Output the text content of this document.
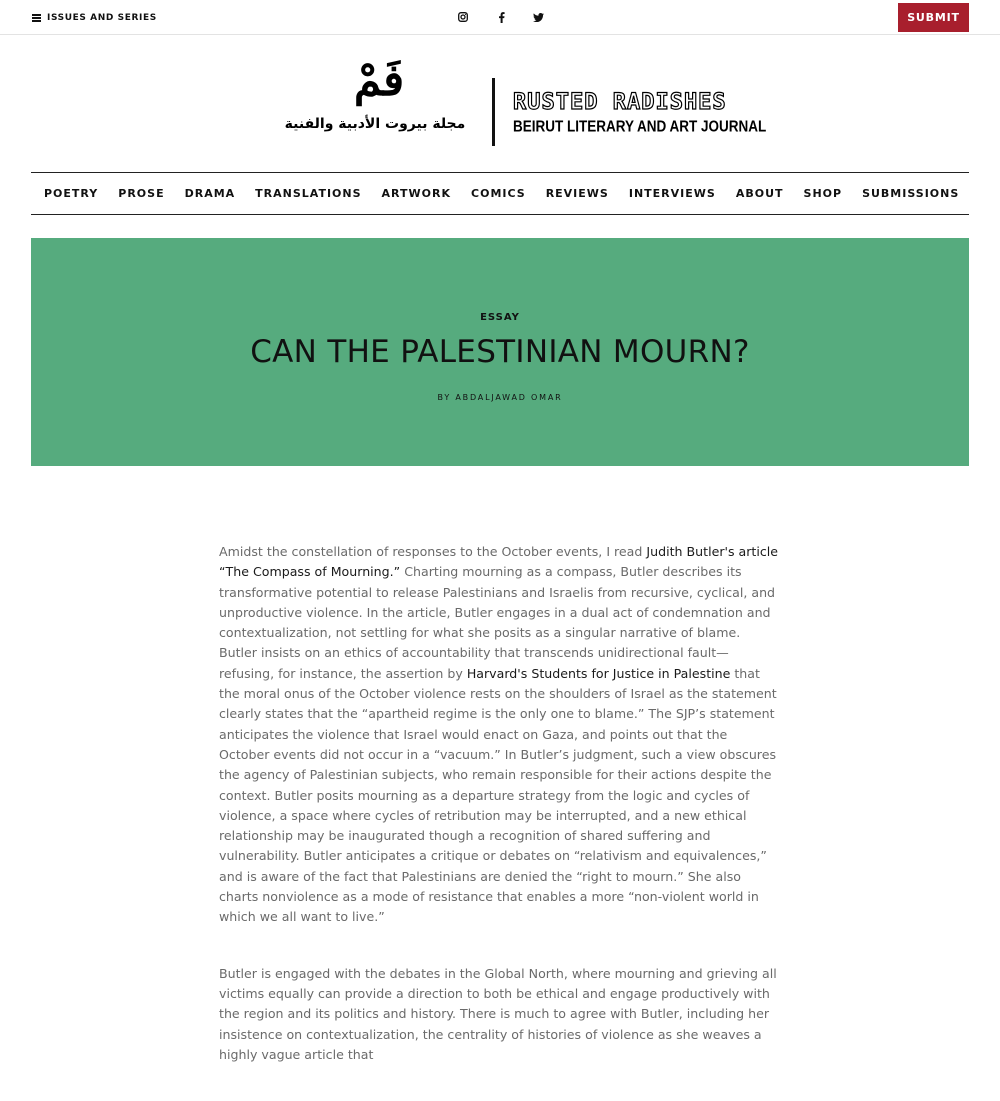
ISSUES AND SERIES	SUBMIT
فَمْ
مجلة بيروت الأدبية والفنية
RUSTED RADISHES
BEIRUT LITERARY AND ART JOURNAL
POETRY PROSE DRAMA TRANSLATIONS ARTWORK COMICS REVIEWS INTERVIEWS ABOUT SHOP SUBMISSIONS
ESSAY
CAN THE PALESTINIAN MOURN?
BY ABDALJAWAD OMAR

Amidst the constellation of responses to the October events, I read Judith Butler's article “The Compass of Mourning.” Charting mourning as a compass, Butler describes its transformative potential to release Palestinians and Israelis from recursive, cyclical, and unproductive violence. In the article, Butler engages in a dual act of condemnation and contextualization, not settling for what she posits as a singular narrative of blame. Butler insists on an ethics of accountability that transcends unidirectional fault—refusing, for instance, the assertion by Harvard's Students for Justice in Palestine that the moral onus of the October violence rests on the shoulders of Israel as the statement clearly states that the “apartheid regime is the only one to blame.” The SJP’s statement anticipates the violence that Israel would enact on Gaza, and points out that the October events did not occur in a “vacuum.” In Butler’s judgment, such a view obscures the agency of Palestinian subjects, who remain responsible for their actions despite the context. Butler posits mourning as a departure strategy from the logic and cycles of violence, a space where cycles of retribution may be interrupted, and a new ethical relationship may be inaugurated though a recognition of shared suffering and vulnerability. Butler anticipates a critique or debates on “relativism and equivalences,” and is aware of the fact that Palestinians are denied the “right to mourn.” She also charts nonviolence as a mode of resistance that enables a more “non-violent world in which we all want to live.”

Butler is engaged with the debates in the Global North, where mourning and grieving all victims equally can provide a direction to both be ethical and engage productively with the region and its politics and history. There is much to agree with Butler, including her insistence on contextualization, the centrality of histories of violence as she weaves a highly vague article that
